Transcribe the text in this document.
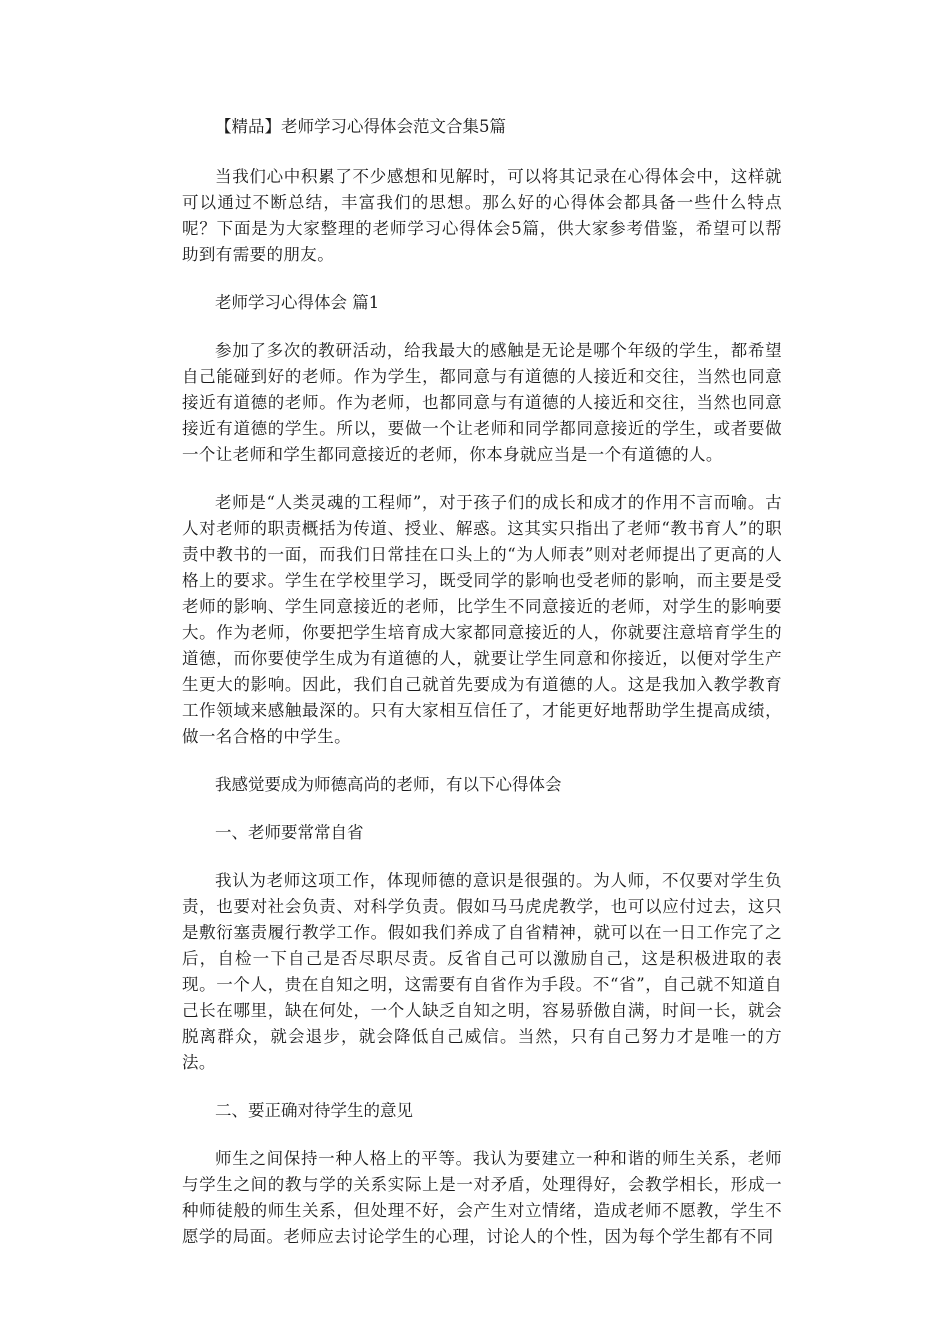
【精品】老师学习心得体会范文合集5篇

当我们心中积累了不少感想和见解时，可以将其记录在心得体会中，这样就可以通过不断总结，丰富我们的思想。那么好的心得体会都具备一些什么特点呢？下面是为大家整理的老师学习心得体会5篇，供大家参考借鉴，希望可以帮助到有需要的朋友。

老师学习心得体会 篇1

参加了多次的教研活动，给我最大的感触是无论是哪个年级的学生，都希望自己能碰到好的老师。作为学生，都同意与有道德的人接近和交往，当然也同意接近有道德的老师。作为老师，也都同意与有道德的人接近和交往，当然也同意接近有道德的学生。所以，要做一个让老师和同学都同意接近的学生，或者要做一个让老师和学生都同意接近的老师，你本身就应当是一个有道德的人。

老师是“人类灵魂的工程师”，对于孩子们的成长和成才的作用不言而喻。古人对老师的职责概括为传道、授业、解惑。这其实只指出了老师“教书育人”的职责中教书的一面，而我们日常挂在口头上的“为人师表”则对老师提出了更高的人格上的要求。学生在学校里学习，既受同学的影响也受老师的影响，而主要是受老师的影响、学生同意接近的老师，比学生不同意接近的老师，对学生的影响要大。作为老师，你要把学生培育成大家都同意接近的人，你就要注意培育学生的道德，而你要使学生成为有道德的人，就要让学生同意和你接近，以便对学生产生更大的影响。因此，我们自己就首先要成为有道德的人。这是我加入教学教育工作领域来感触最深的。只有大家相互信任了，才能更好地帮助学生提高成绩，做一名合格的中学生。

我感觉要成为师德高尚的老师，有以下心得体会
一、老师要常常自省

我认为老师这项工作，体现师德的意识是很强的。为人师，不仅要对学生负责，也要对社会负责、对科学负责。假如马马虎虎教学，也可以应付过去，这只是敷衍塞责履行教学工作。假如我们养成了自省精神，就可以在一日工作完了之后，自检一下自己是否尽职尽责。反省自己可以激励自己，这是积极进取的表现。一个人，贵在自知之明，这需要有自省作为手段。不“省”，自己就不知道自己长在哪里，缺在何处，一个人缺乏自知之明，容易骄傲自满，时间一长，就会脱离群众，就会退步，就会降低自己威信。当然，只有自己努力才是唯一的方法。

二、要正确对待学生的意见

师生之间保持一种人格上的平等。我认为要建立一种和谐的师生关系，老师与学生之间的教与学的关系实际上是一对矛盾，处理得好，会教学相长，形成一种师徒般的师生关系，但处理不好，会产生对立情绪，造成老师不愿教，学生不愿学的局面。老师应去讨论学生的心理，讨论人的个性，因为每个学生都有不同
